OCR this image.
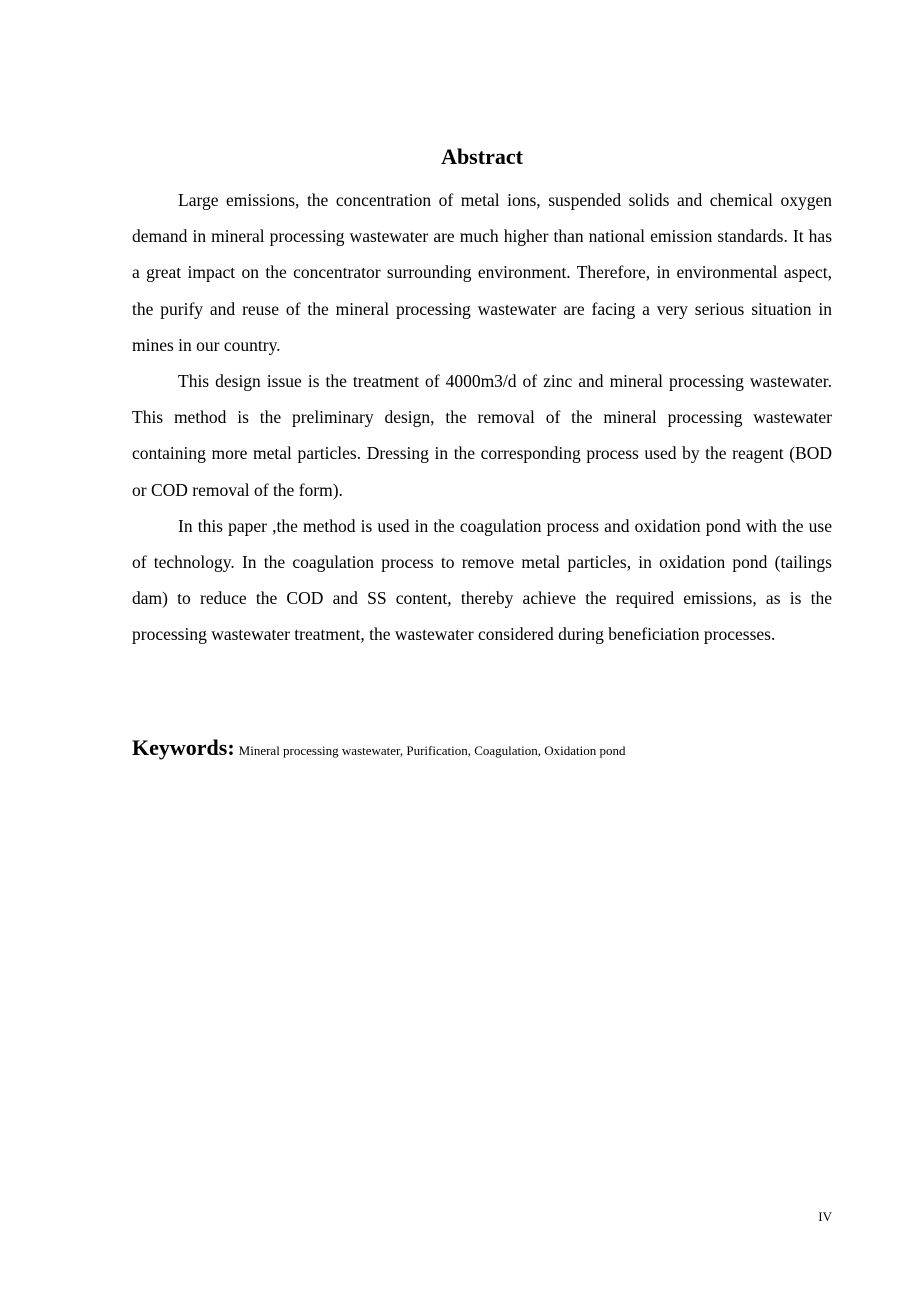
Abstract

Large emissions, the concentration of metal ions, suspended solids and chemical oxygen demand in mineral processing wastewater are much higher than national emission standards. It has a great impact on the concentrator surrounding environment. Therefore, in environmental aspect, the purify and reuse of the mineral processing wastewater are facing a very serious situation in mines in our country.

This design issue is the treatment of 4000m3/d of zinc and mineral processing wastewater. This method is the preliminary design, the removal of the mineral processing wastewater containing more metal particles. Dressing in the corresponding process used by the reagent (BOD or COD removal of the form).

In this paper ,the method is used in the coagulation process and oxidation pond with the use of technology. In the coagulation process to remove metal particles, in oxidation pond (tailings dam) to reduce the COD and SS content, thereby achieve the required emissions, as is the processing wastewater treatment, the wastewater considered during beneficiation processes.

Keywords: Mineral processing wastewater, Purification, Coagulation, Oxidation pond
IV
